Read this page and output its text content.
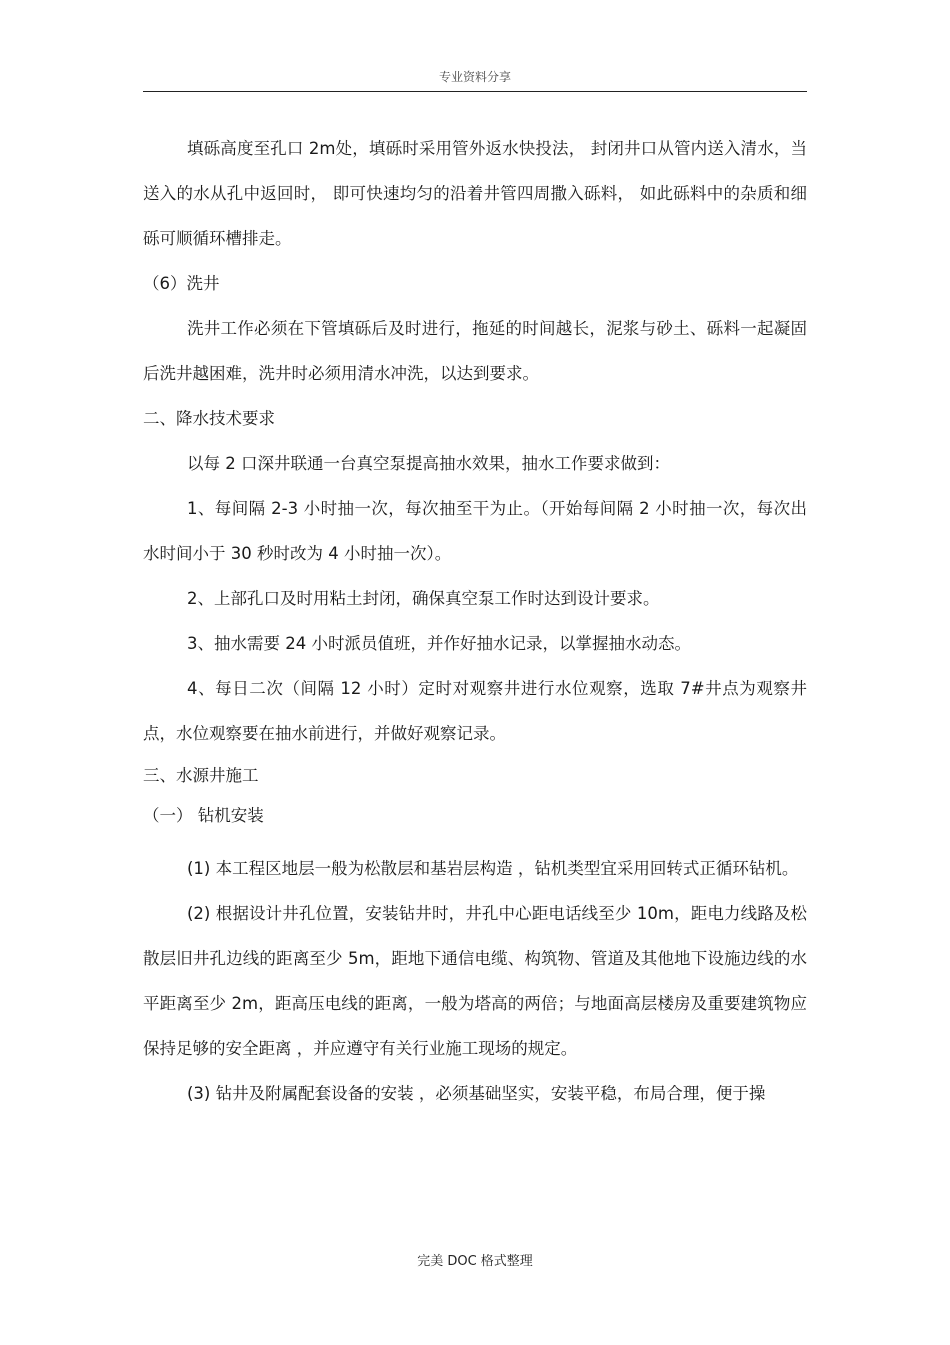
专业资料分享

填砾高度至孔口 2m处，填砾时采用管外返水快投法， 封闭井口从管内送入清水，当送入的水从孔中返回时， 即可快速均匀的沿着井管四周撒入砾料， 如此砾料中的杂质和细砾可顺循环槽排走。

（6）洗井

洗井工作必须在下管填砾后及时进行，拖延的时间越长，泥浆与砂土、砾料一起凝固后洗井越困难，洗井时必须用清水冲洗，以达到要求。

二、降水技术要求

以每 2 口深井联通一台真空泵提高抽水效果，抽水工作要求做到：

1、每间隔 2-3 小时抽一次，每次抽至干为止。（开始每间隔 2 小时抽一次，每次出水时间小于 30 秒时改为 4 小时抽一次）。

2、上部孔口及时用粘土封闭，确保真空泵工作时达到设计要求。

3、抽水需要 24 小时派员值班，并作好抽水记录，以掌握抽水动态。

4、每日二次（间隔 12 小时）定时对观察井进行水位观察，选取 7#井点为观察井点，水位观察要在抽水前进行，并做好观察记录。

三、水源井施工

（一） 钻机安装

(1) 本工程区地层一般为松散层和基岩层构造 ，钻机类型宜采用回转式正循环钻机。

(2) 根据设计井孔位置，安装钻井时，井孔中心距电话线至少 10m，距电力线路及松散层旧井孔边线的距离至少 5m，距地下通信电缆、构筑物、管道及其他地下设施边线的水平距离至少 2m，距高压电线的距离，一般为塔高的两倍；与地面高层楼房及重要建筑物应保持足够的安全距离 ，并应遵守有关行业施工现场的规定。

(3) 钻井及附属配套设备的安装 ，必须基础坚实，安装平稳，布局合理，便于操

完美 DOC 格式整理
